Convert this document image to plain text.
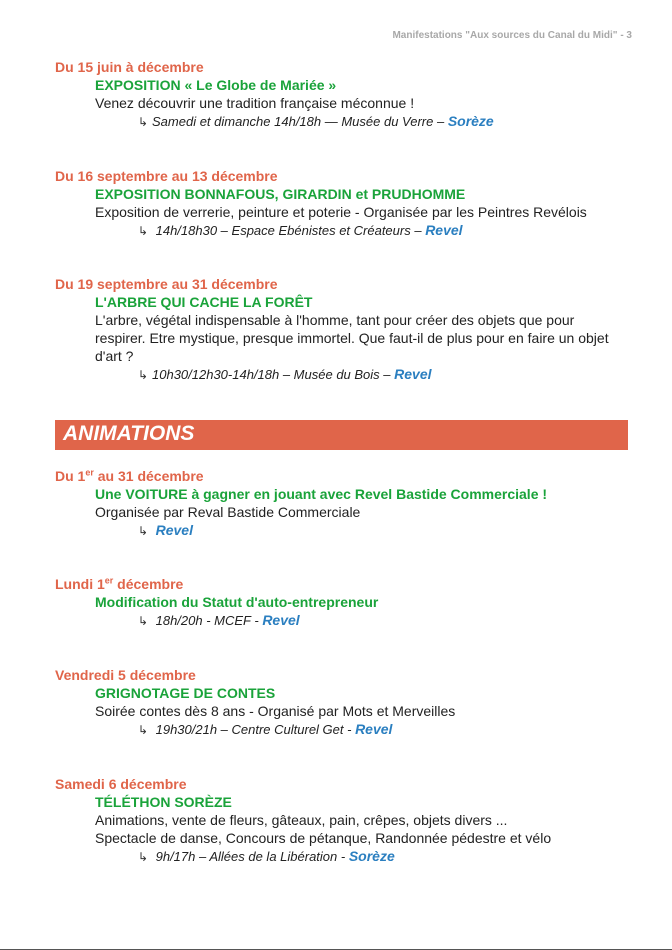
Manifestations "Aux sources du Canal du Midi" - 3
Du 15 juin à décembre
EXPOSITION « Le Globe de Mariée »
Venez découvrir une tradition française méconnue !
↳ Samedi et dimanche 14h/18h — Musée du Verre – Sorèze
Du 16 septembre au 13 décembre
EXPOSITION BONNAFOUS, GIRARDIN et PRUDHOMME
Exposition de verrerie, peinture et poterie - Organisée par les Peintres Revélois
↳ 14h/18h30 – Espace Ebénistes et Créateurs – Revel
Du 19 septembre au 31 décembre
L'ARBRE QUI CACHE LA FORÊT
L'arbre, végétal indispensable à l'homme, tant pour créer des objets que pour respirer. Etre mystique, presque immortel. Que faut-il de plus pour en faire un objet d'art ?
↳ 10h30/12h30-14h/18h – Musée du Bois – Revel
ANIMATIONS
Du 1er au 31 décembre
Une VOITURE à gagner en jouant avec Revel Bastide Commerciale !
Organisée par Reval Bastide Commerciale
↳ Revel
Lundi 1er décembre
Modification du Statut d'auto-entrepreneur
↳ 18h/20h - MCEF - Revel
Vendredi 5 décembre
GRIGNOTAGE DE CONTES
Soirée contes dès 8 ans - Organisé par Mots et Merveilles
↳ 19h30/21h – Centre Culturel Get - Revel
Samedi 6 décembre
TÉLÉTHON SORÈZE
Animations, vente de fleurs, gâteaux, pain, crêpes, objets divers ...
Spectacle de danse, Concours de pétanque, Randonnée pédestre et vélo
↳ 9h/17h – Allées de la Libération - Sorèze
